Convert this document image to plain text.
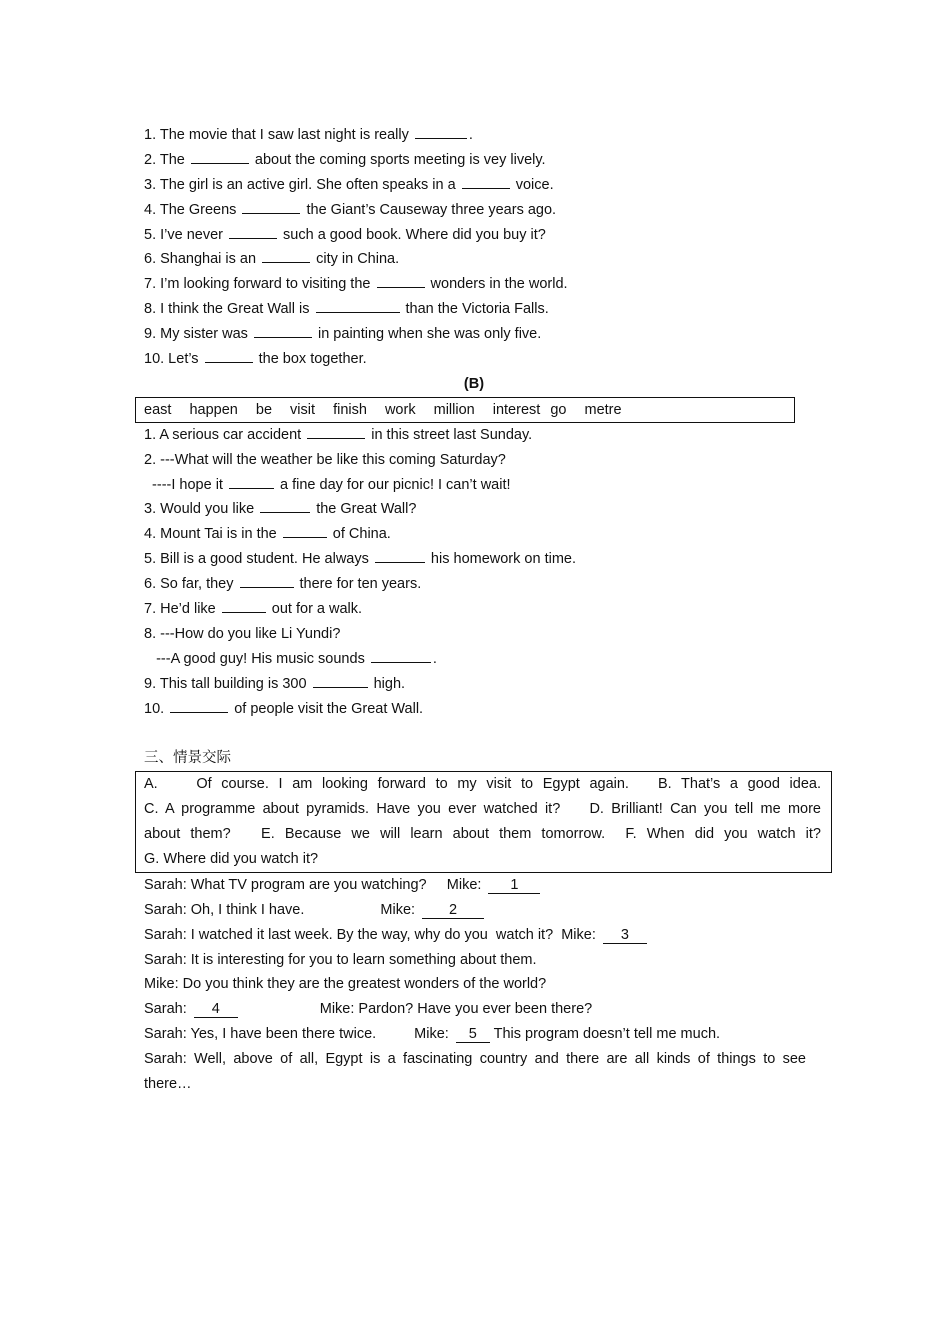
1. The movie that I saw last night is really	.
2. The	about the coming sports meeting is vey lively.
3. The girl is an active girl. She often speaks in a	voice.
4. The Greens	the Giant’s Causeway three years ago.
5. I’ve never	such a good book. Where did you buy it?
6. Shanghai is an	city in China.
7. I’m looking forward to visiting the	wonders in the world.
8. I think the Great Wall is	than the Victoria Falls.
9. My sister was	in painting when she was only five.
10. Let’s	the box together.
(B)
east happen be visit finish work million interest go metre
1. A serious car accident	in this street last Sunday.
2. ---What will the weather be like this coming Saturday?
----I hope it	a fine day for our picnic! I can’t wait!
3. Would you like	the Great Wall?
4. Mount Tai is in the	of China.
5. Bill is a good student. He always	his homework on time.
6. So far, they	there for ten years.
7. He’d like	out for a walk.
8. ---How do you like Li Yundi?
---A good guy! His music sounds	.
9. This tall building is 300	high.
10.	of people visit the Great Wall.
三、情景交际
A.    Of course. I am looking forward to my visit to Egypt again.   B. That’s a good idea.
C. A programme about pyramids. Have you ever watched it?    D. Brilliant! Can you tell me more
about them?   E. Because we will learn about them tomorrow.  F. When did you watch it?
G. Where did you watch it?
Sarah: What TV program are you watching?     Mike: 1
Sarah: Oh, I think I have.	Mike: 2
Sarah: I watched it last week. By the way, why do you  watch it?  Mike: 3
Sarah: It is interesting for you to learn something about them.
Mike: Do you think they are the greatest wonders of the world?
Sarah: 4	Mike: Pardon? Have you ever been there?
Sarah: Yes, I have been there twice.	Mike: 5 This program doesn’t tell me much.
Sarah: Well, above of all, Egypt is a fascinating country and there are all kinds of things to see
there…
